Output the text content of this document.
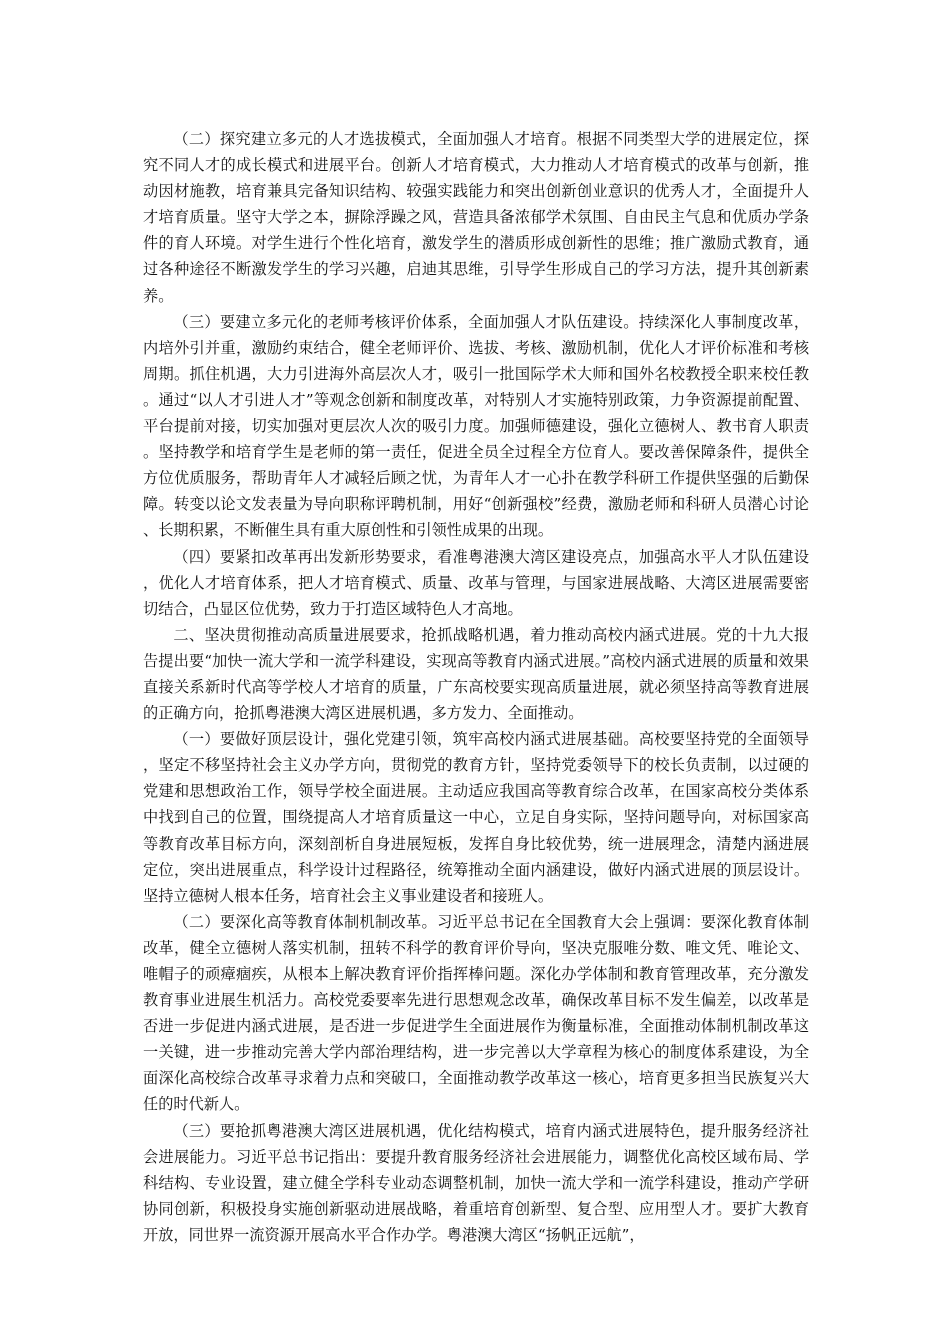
（二）探究建立多元的人才选拔模式，全面加强人才培育。根据不同类型大学的进展定位，探究不同人才的成长模式和进展平台。创新人才培育模式，大力推动人才培育模式的改革与创新，推动因材施教，培育兼具完备知识结构、较强实践能力和突出创新创业意识的优秀人才，全面提升人才培育质量。坚守大学之本，摒除浮躁之风，营造具备浓郁学术氛围、自由民主气息和优质办学条件的育人环境。对学生进行个性化培育，激发学生的潜质形成创新性的思维；推广激励式教育，通过各种途径不断激发学生的学习兴趣，启迪其思维，引导学生形成自己的学习方法，提升其创新素养。

（三）要建立多元化的老师考核评价体系，全面加强人才队伍建设。持续深化人事制度改革，内培外引并重，激励约束结合，健全老师评价、选拔、考核、激励机制，优化人才评价标准和考核周期。抓住机遇，大力引进海外高层次人才，吸引一批国际学术大师和国外名校教授全职来校任教。通过“以人才引进人才”等观念创新和制度改革，对特别人才实施特别政策，力争资源提前配置、平台提前对接，切实加强对更层次人次的吸引力度。加强师德建设，强化立德树人、教书育人职责。坚持教学和培育学生是老师的第一责任，促进全员全过程全方位育人。要改善保障条件，提供全方位优质服务，帮助青年人才减轻后顾之忧，为青年人才一心扑在教学科研工作提供坚强的后勤保障。转变以论文发表量为导向职称评聘机制，用好“创新强校”经费，激励老师和科研人员潜心讨论、长期积累，不断催生具有重大原创性和引领性成果的出现。

（四）要紧扣改革再出发新形势要求，看准粤港澳大湾区建设亮点，加强高水平人才队伍建设，优化人才培育体系，把人才培育模式、质量、改革与管理，与国家进展战略、大湾区进展需要密切结合，凸显区位优势，致力于打造区域特色人才高地。

二、坚决贯彻推动高质量进展要求，抢抓战略机遇，着力推动高校内涵式进展。党的十九大报告提出要“加快一流大学和一流学科建设，实现高等教育内涵式进展。”高校内涵式进展的质量和效果直接关系新时代高等学校人才培育的质量，广东高校要实现高质量进展，就必须坚持高等教育进展的正确方向，抢抓粤港澳大湾区进展机遇，多方发力、全面推动。

（一）要做好顶层设计，强化党建引领，筑牢高校内涵式进展基础。高校要坚持党的全面领导，坚定不移坚持社会主义办学方向，贯彻党的教育方针，坚持党委领导下的校长负责制，以过硬的党建和思想政治工作，领导学校全面进展。主动适应我国高等教育综合改革，在国家高校分类体系中找到自己的位置，围绕提高人才培育质量这一中心，立足自身实际，坚持问题导向，对标国家高等教育改革目标方向，深刻剖析自身进展短板，发挥自身比较优势，统一进展理念，清楚内涵进展定位，突出进展重点，科学设计过程路径，统筹推动全面内涵建设，做好内涵式进展的顶层设计。坚持立德树人根本任务，培育社会主义事业建设者和接班人。

（二）要深化高等教育体制机制改革。习近平总书记在全国教育大会上强调：要深化教育体制改革，健全立德树人落实机制，扭转不科学的教育评价导向，坚决克服唯分数、唯文凭、唯论文、唯帽子的顽瘴痼疾，从根本上解决教育评价指挥棒问题。深化办学体制和教育管理改革，充分激发教育事业进展生机活力。高校党委要率先进行思想观念改革，确保改革目标不发生偏差，以改革是否进一步促进内涵式进展，是否进一步促进学生全面进展作为衡量标准，全面推动体制机制改革这一关键，进一步推动完善大学内部治理结构，进一步完善以大学章程为核心的制度体系建设，为全面深化高校综合改革寻求着力点和突破口，全面推动教学改革这一核心，培育更多担当民族复兴大任的时代新人。

（三）要抢抓粤港澳大湾区进展机遇，优化结构模式，培育内涵式进展特色，提升服务经济社会进展能力。习近平总书记指出：要提升教育服务经济社会进展能力，调整优化高校区域布局、学科结构、专业设置，建立健全学科专业动态调整机制，加快一流大学和一流学科建设，推动产学研协同创新，积极投身实施创新驱动进展战略，着重培育创新型、复合型、应用型人才。要扩大教育开放，同世界一流资源开展高水平合作办学。粤港澳大湾区“扬帆正远航”，
